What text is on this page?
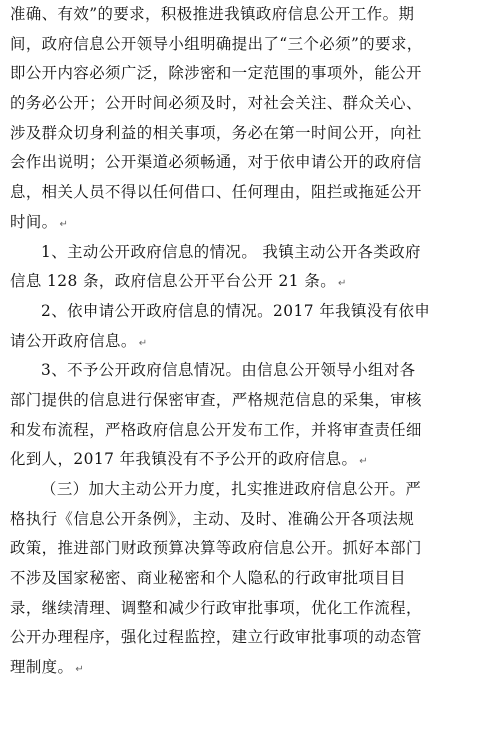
准确、有效”的要求，积极推进我镇政府信息公开工作。期
间，政府信息公开领导小组明确提出了“三个必须”的要求，
即公开内容必须广泛，除涉密和一定范围的事项外，能公开
的务必公开；公开时间必须及时，对社会关注、群众关心、
涉及群众切身利益的相关事项，务必在第一时间公开，向社
会作出说明；公开渠道必须畅通，对于依申请公开的政府信
息，相关人员不得以任何借口、任何理由，阻拦或拖延公开
时间。 ↵
1、主动公开政府信息的情况。 我镇主动公开各类政府
信息 128 条，政府信息公开平台公开 21 条。 ↵
2、依申请公开政府信息的情况。2017 年我镇没有依申
请公开政府信息。 ↵
3、不予公开政府信息情况。由信息公开领导小组对各
部门提供的信息进行保密审查，严格规范信息的采集，审核
和发布流程，严格政府信息公开发布工作，并将审查责任细
化到人，2017 年我镇没有不予公开的政府信息。 ↵
（三）加大主动公开力度，扎实推进政府信息公开。严
格执行《信息公开条例》，主动、及时、准确公开各项法规
政策，推进部门财政预算决算等政府信息公开。抓好本部门
不涉及国家秘密、商业秘密和个人隐私的行政审批项目目
录，继续清理、调整和减少行政审批事项，优化工作流程，
公开办理程序，强化过程监控，建立行政审批事项的动态管
理制度。 ↵
